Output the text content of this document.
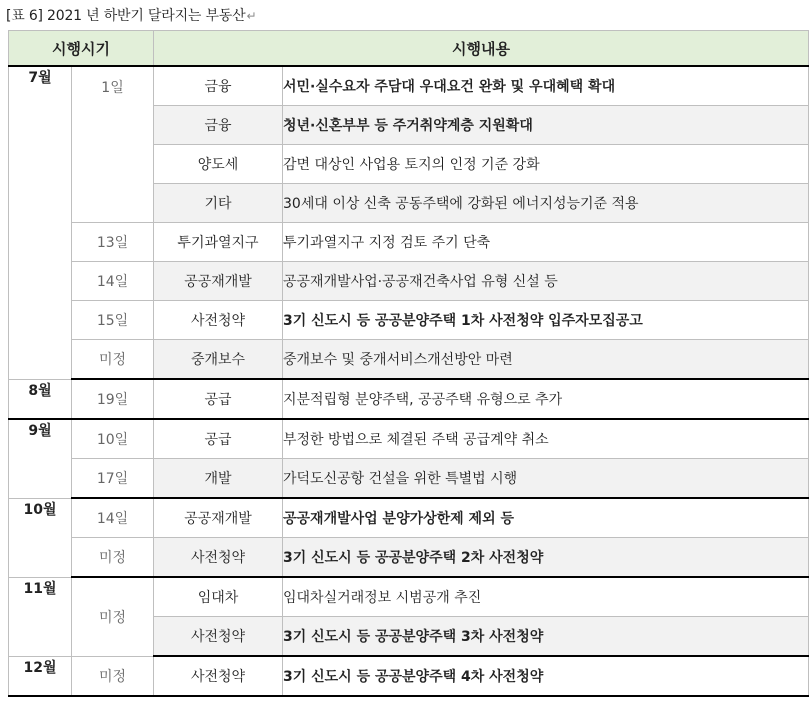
[표 6] 2021 년 하반기 달라지는 부동산↵
시행시기		시행내용	
7월	1일	금융	서민·실수요자 주담대 우대요건 완화 및 우대혜택 확대
		금융	청년·신혼부부 등 주거취약계층 지원확대
		양도세	감면 대상인 사업용 토지의 인정 기준 강화
		기타	30세대 이상 신축 공동주택에 강화된 에너지성능기준 적용
	13일	투기과열지구	투기과열지구 지정 검토 주기 단축
	14일	공공재개발	공공재개발사업·공공재건축사업 유형 신설 등
	15일	사전청약	3기 신도시 등 공공분양주택 1차 사전청약 입주자모집공고
	미정	중개보수	중개보수 및 중개서비스개선방안 마련
8월	19일	공급	지분적립형 분양주택, 공공주택 유형으로 추가
9월	10일	공급	부정한 방법으로 체결된 주택 공급계약 취소
	17일	개발	가덕도신공항 건설을 위한 특별법 시행
10월	14일	공공재개발	공공재개발사업 분양가상한제 제외 등
	미정	사전청약	3기 신도시 등 공공분양주택 2차 사전청약
11월	미정	임대차	임대차실거래정보 시범공개 추진
		사전청약	3기 신도시 등 공공분양주택 3차 사전청약
12월	미정	사전청약	3기 신도시 등 공공분양주택 4차 사전청약
